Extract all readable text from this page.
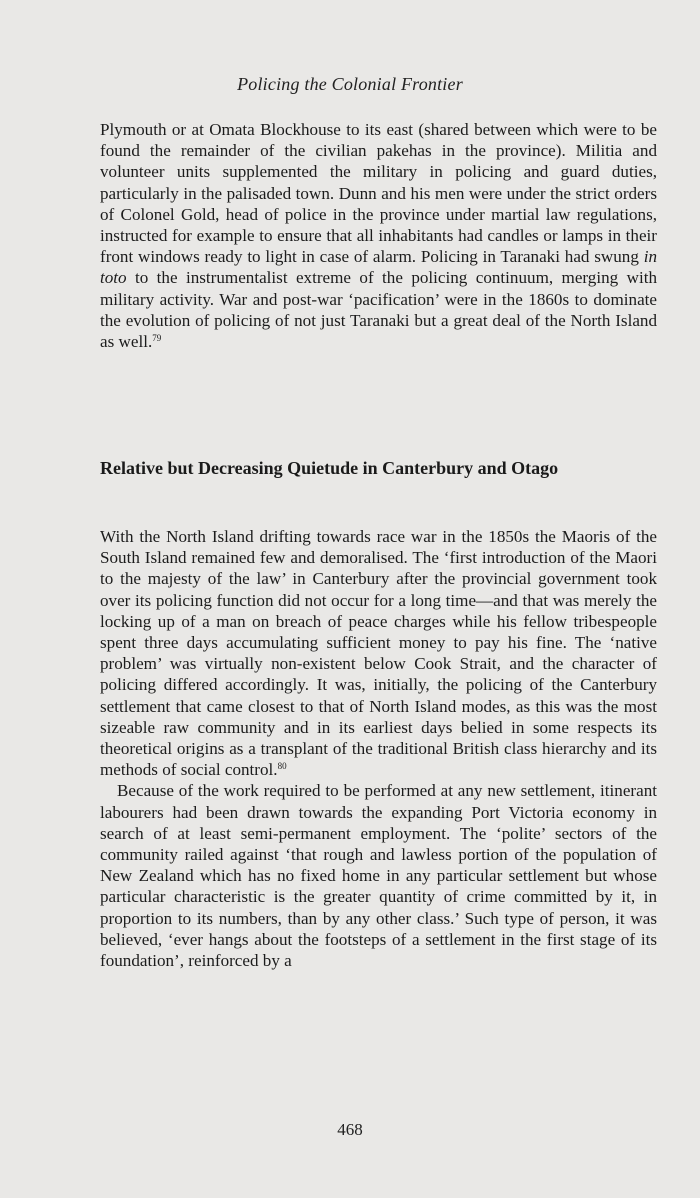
Policing the Colonial Frontier

Plymouth or at Omata Blockhouse to its east (shared between which were to be found the remainder of the civilian pakehas in the province). Militia and volunteer units supplemented the military in policing and guard duties, particularly in the palisaded town. Dunn and his men were under the strict orders of Colonel Gold, head of police in the province under martial law regulations, instructed for example to ensure that all inhabitants had candles or lamps in their front windows ready to light in case of alarm. Policing in Taranaki had swung in toto to the instrumentalist extreme of the policing continuum, merging with military activity. War and post-war ‘pacification’ were in the 1860s to dominate the evolution of policing of not just Taranaki but a great deal of the North Island as well.$^{79}$

Relative but Decreasing Quietude in Canterbury and Otago

With the North Island drifting towards race war in the 1850s the Maoris of the South Island remained few and demoralised. The ‘first introduction of the Maori to the majesty of the law’ in Canterbury after the provincial government took over its policing function did not occur for a long time—and that was merely the locking up of a man on breach of peace charges while his fellow tribespeople spent three days accumulating sufficient money to pay his fine. The ‘native problem’ was virtually non-existent below Cook Strait, and the character of policing differed accordingly. It was, initially, the policing of the Canterbury settlement that came closest to that of North Island modes, as this was the most sizeable raw community and in its earliest days belied in some respects its theoretical origins as a transplant of the traditional British class hierarchy and its methods of social control.$^{80}$

Because of the work required to be performed at any new settlement, itinerant labourers had been drawn towards the expanding Port Victoria economy in search of at least semi-permanent employment. The ‘polite’ sectors of the community railed against ‘that rough and lawless portion of the population of New Zealand which has no fixed home in any particular settlement but whose particular characteristic is the greater quantity of crime committed by it, in proportion to its numbers, than by any other class.’ Such type of person, it was believed, ‘ever hangs about the footsteps of a settlement in the first stage of its foundation’, reinforced by a

468
